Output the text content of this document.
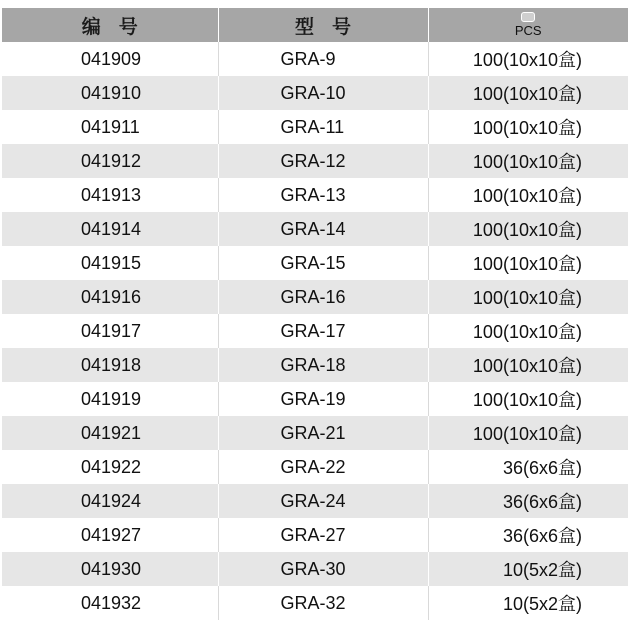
编号	型号	PCS

041909	GRA-9	100(10x10盒)
041910	GRA-10	100(10x10盒)
041911	GRA-11	100(10x10盒)
041912	GRA-12	100(10x10盒)
041913	GRA-13	100(10x10盒)
041914	GRA-14	100(10x10盒)
041915	GRA-15	100(10x10盒)
041916	GRA-16	100(10x10盒)
041917	GRA-17	100(10x10盒)
041918	GRA-18	100(10x10盒)
041919	GRA-19	100(10x10盒)
041921	GRA-21	100(10x10盒)
041922	GRA-22	36(6x6盒)
041924	GRA-24	36(6x6盒)
041927	GRA-27	36(6x6盒)
041930	GRA-30	10(5x2盒)
041932	GRA-32	10(5x2盒)
